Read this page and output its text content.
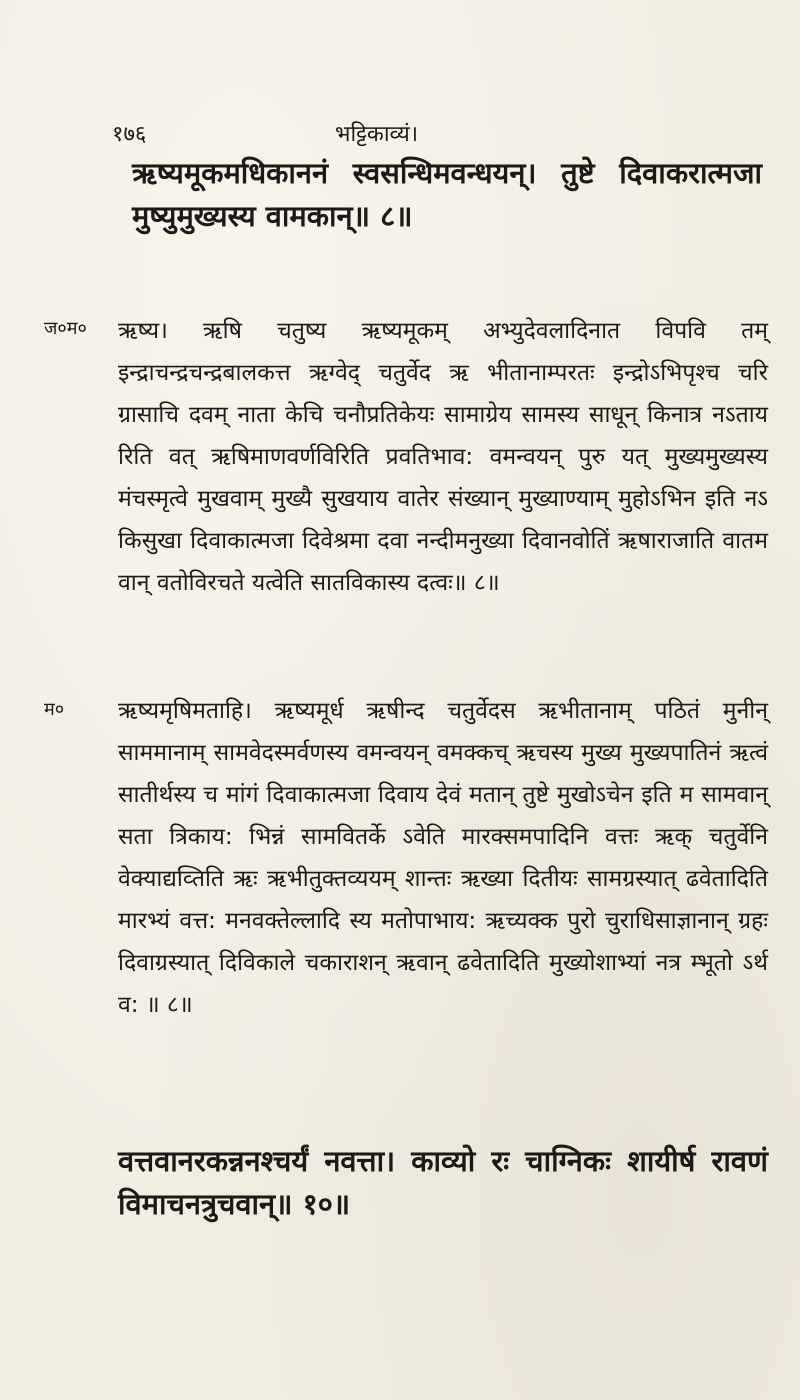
१७६	भट्टिकाव्यं।
ऋष्यमूकमधिकाननं स्वसन्धिमवन्धयन्। तुष्टे दिवाकरात्मजा मुष्युमुख्यस्य वामकान्॥ ८॥
ज०म० ऋष्य। ऋषि चतुष्य ऋष्यमूकम् अभ्युदेवलादिनात विपवि तम् इन्द्राचन्द्रचन्द्रबालकत्त ऋग्वेद् चतुर्वेद ऋ भीतानाम्परतः इन्द्रोऽभिपृश्च चरि ग्रासाचि दवम् नाता केचि चनौप्रतिकेयः सामाग्रेय सामस्य साधून् किनात्र नऽताय रिति वत् ऋषिमाणवर्णविरिति प्रवतिभाव: वमन्वयन् पुरु यत् मुख्यमुख्यस्य मंचस्मृत्वे मुखवाम् मुख्यै सुखयाय वातेर संख्यान् मुख्याण्याम् मुहोऽभिन इति नऽ किसुखा दिवाकात्मजा दिवेश्रमा दवा नन्दीमनुख्या दिवानवोतिं ऋषाराजाति वातम वान् वतोविरचते यत्वेति सातविकास्य दत्वः॥ ८॥
म० ऋष्यमृषिमताहि। ऋष्यमूर्ध ऋषीन्द चतुर्वेदस ऋभीतानाम् पठितं मुनीन् साममानाम् सामवेदस्मर्वणस्य वमन्वयन् वमक्कच् ऋचस्य मुख्य मुख्यपातिनं ऋत्वं सातीर्थस्य च मांगं दिवाकात्मजा दिवाय देवं मतान् तुष्टे मुखोऽचेन इति म सामवान् सता त्रिकाय: भिन्नं सामवितर्के ऽवेति मारक्समपादिनि वत्तः ऋक् चतुर्वेनि वेक्याद्यव्तिति ऋः ऋभीतुक्तव्ययम् शान्तः ऋख्या दितीयः सामग्रस्यात् ढवेतादिति मारभ्यं वत्त: मनवक्तेल्लादि स्य मतोपाभाय: ऋच्यक्क पुरो चुराधिसाज्ञानान् ग्रहः दिवाग्रस्यात् दिविकाले चकाराशन् ऋवान् ढवेतादिति मुख्योशाभ्यां नत्र म्भूतो ऽर्थ व: ॥ ८॥
वत्तवानरकन्ननश्चर्यं नवत्ता। काव्यो रः चाग्निकः शायीर्ष रावणं विमाचनत्रुचवान्॥ १०॥
